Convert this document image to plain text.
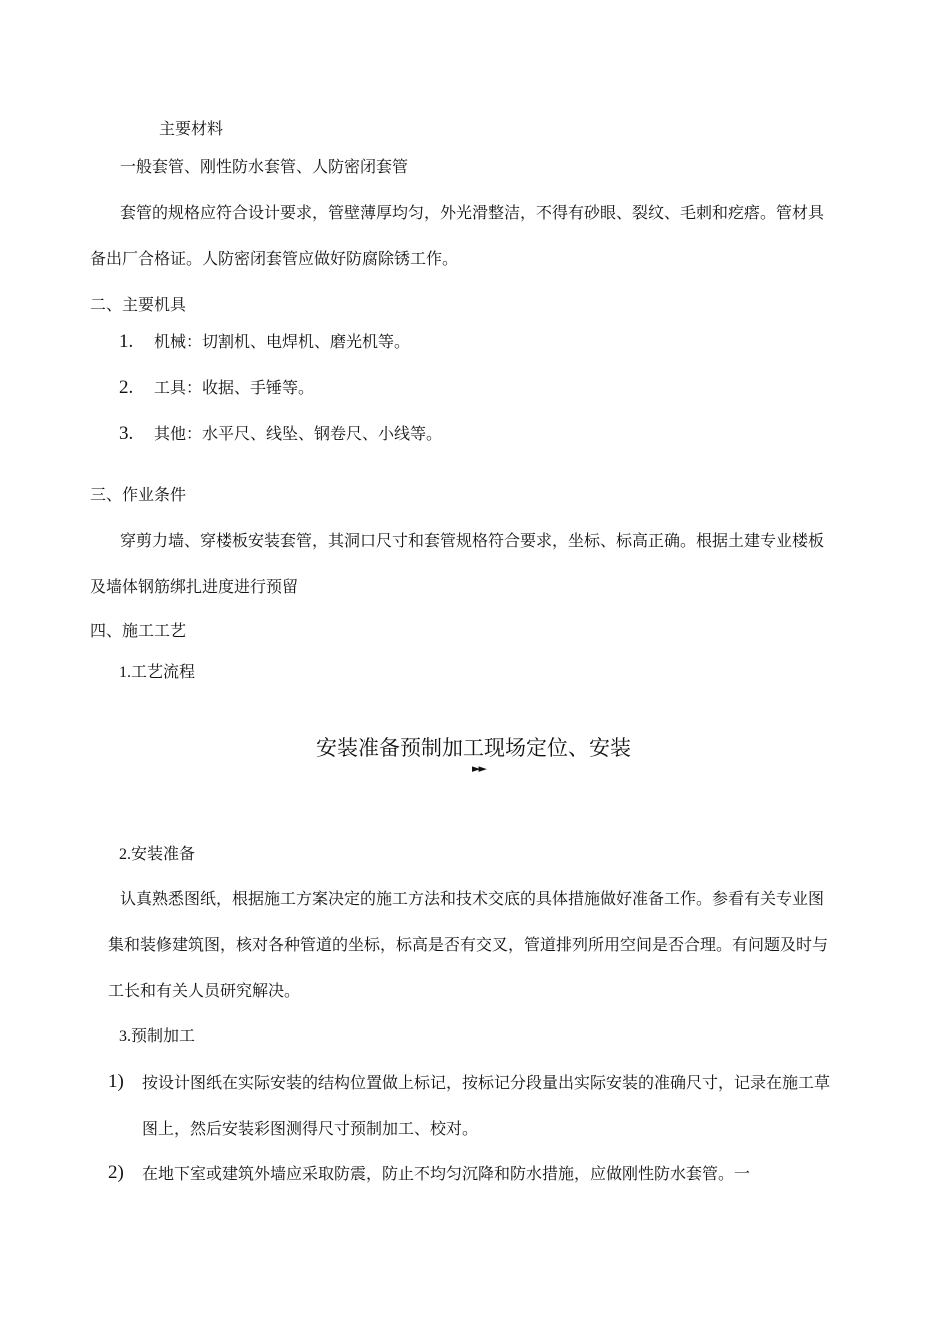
主要材料
一般套管、刚性防水套管、人防密闭套管
套管的规格应符合设计要求，管壁薄厚均匀，外光滑整洁，不得有砂眼、裂纹、毛刺和疙瘩。管材具
备出厂合格证。人防密闭套管应做好防腐除锈工作。
二、主要机具
1. 机械：切割机、电焊机、磨光机等。
2. 工具：收据、手锤等。
3. 其他：水平尺、线坠、钢卷尺、小线等。
三、作业条件
穿剪力墙、穿楼板安装套管，其洞口尺寸和套管规格符合要求，坐标、标高正确。根据土建专业楼板
及墙体钢筋绑扎进度进行预留
四、施工工艺
1.工艺流程
安装准备预制加工现场定位、安装
►►
2.安装准备
认真熟悉图纸，根据施工方案决定的施工方法和技术交底的具体措施做好准备工作。参看有关专业图
集和装修建筑图，核对各种管道的坐标，标高是否有交叉，管道排列所用空间是否合理。有问题及时与
工长和有关人员研究解决。
3.预制加工
1) 按设计图纸在实际安装的结构位置做上标记，按标记分段量出实际安装的准确尺寸，记录在施工草
图上，然后安装彩图测得尺寸预制加工、校对。
2) 在地下室或建筑外墙应采取防震，防止不均匀沉降和防水措施，应做刚性防水套管。一
